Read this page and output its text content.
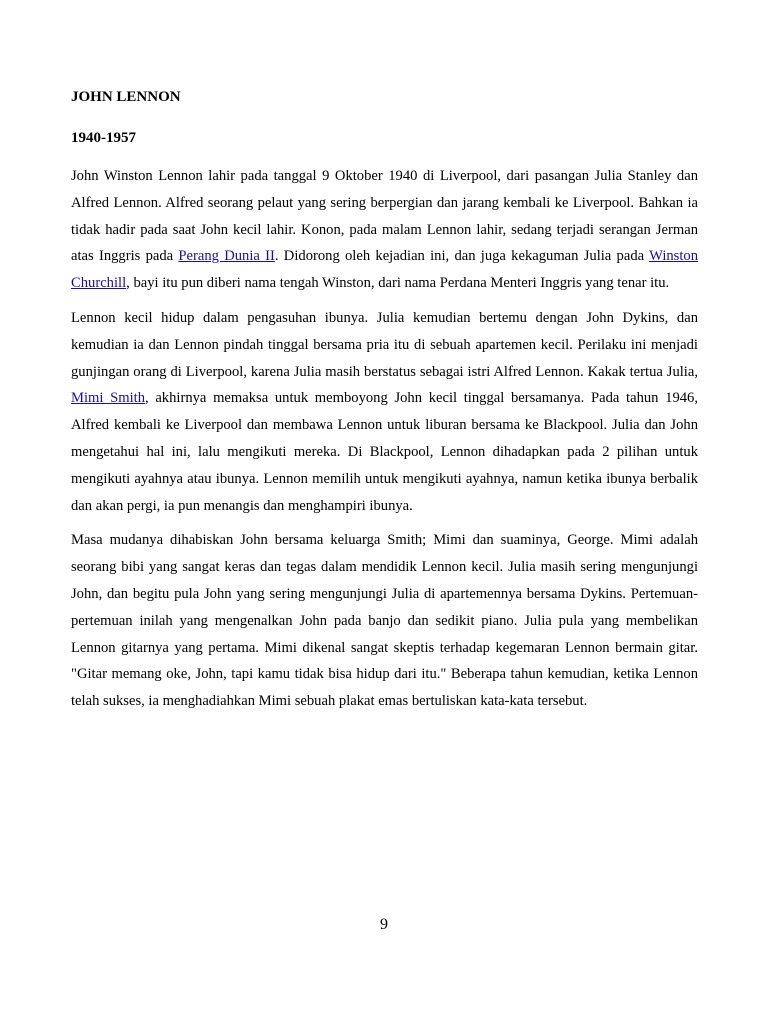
JOHN LENNON

1940-1957

John Winston Lennon lahir pada tanggal 9 Oktober 1940 di Liverpool, dari pasangan Julia Stanley dan Alfred Lennon. Alfred seorang pelaut yang sering berpergian dan jarang kembali ke Liverpool. Bahkan ia tidak hadir pada saat John kecil lahir. Konon, pada malam Lennon lahir, sedang terjadi serangan Jerman atas Inggris pada Perang Dunia II. Didorong oleh kejadian ini, dan juga kekaguman Julia pada Winston Churchill, bayi itu pun diberi nama tengah Winston, dari nama Perdana Menteri Inggris yang tenar itu.

Lennon kecil hidup dalam pengasuhan ibunya. Julia kemudian bertemu dengan John Dykins, dan kemudian ia dan Lennon pindah tinggal bersama pria itu di sebuah apartemen kecil. Perilaku ini menjadi gunjingan orang di Liverpool, karena Julia masih berstatus sebagai istri Alfred Lennon. Kakak tertua Julia, Mimi Smith, akhirnya memaksa untuk memboyong John kecil tinggal bersamanya. Pada tahun 1946, Alfred kembali ke Liverpool dan membawa Lennon untuk liburan bersama ke Blackpool. Julia dan John mengetahui hal ini, lalu mengikuti mereka. Di Blackpool, Lennon dihadapkan pada 2 pilihan untuk mengikuti ayahnya atau ibunya. Lennon memilih untuk mengikuti ayahnya, namun ketika ibunya berbalik dan akan pergi, ia pun menangis dan menghampiri ibunya.

Masa mudanya dihabiskan John bersama keluarga Smith; Mimi dan suaminya, George. Mimi adalah seorang bibi yang sangat keras dan tegas dalam mendidik Lennon kecil. Julia masih sering mengunjungi John, dan begitu pula John yang sering mengunjungi Julia di apartemennya bersama Dykins. Pertemuan-pertemuan inilah yang mengenalkan John pada banjo dan sedikit piano. Julia pula yang membelikan Lennon gitarnya yang pertama. Mimi dikenal sangat skeptis terhadap kegemaran Lennon bermain gitar. "Gitar memang oke, John, tapi kamu tidak bisa hidup dari itu." Beberapa tahun kemudian, ketika Lennon telah sukses, ia menghadiahkan Mimi sebuah plakat emas bertuliskan kata-kata tersebut.

9
